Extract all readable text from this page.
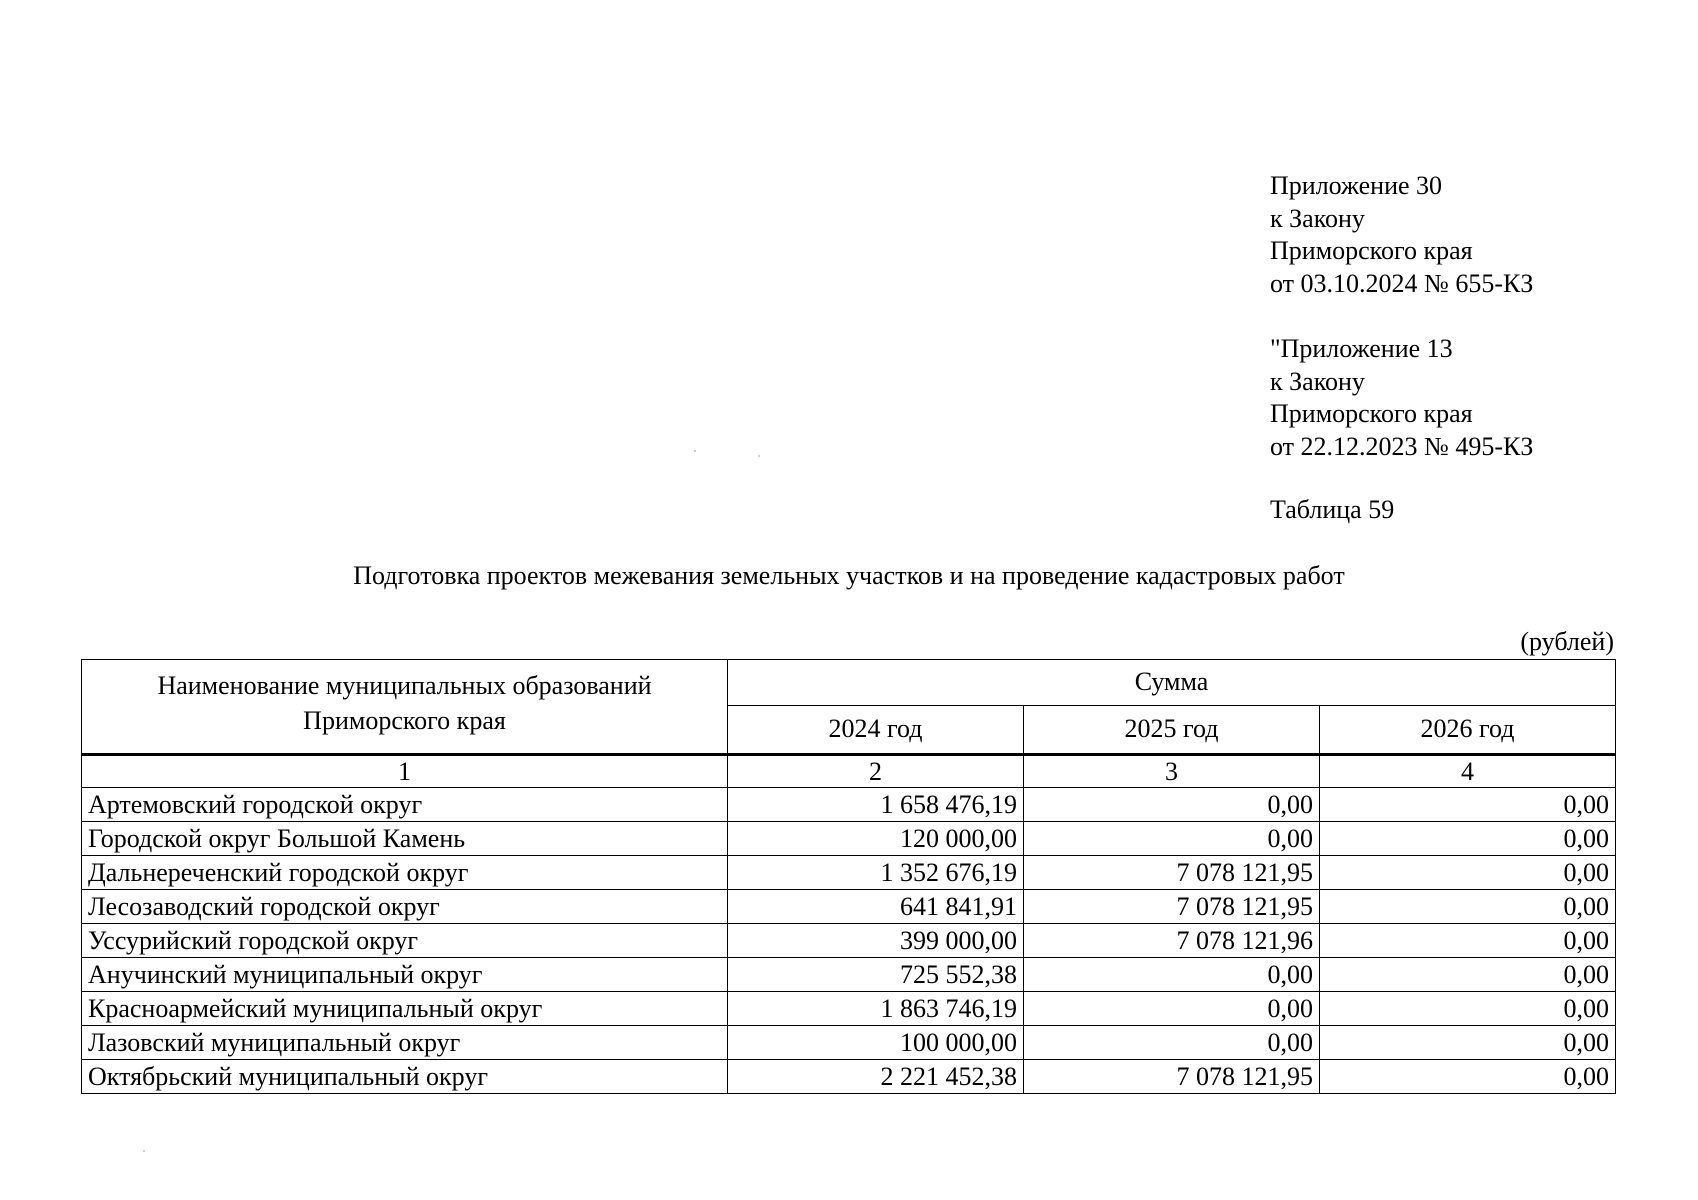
Приложение 30
к Закону
Приморского края
от 03.10.2024 № 655-КЗ
"Приложение 13
к Закону
Приморского края
от 22.12.2023 № 495-КЗ
Таблица 59
Подготовка проектов межевания земельных участков и на проведение кадастровых работ
(рублей)
Наименование муниципальных образований Приморского края	Сумма		
	2024 год	2025 год	2026 год
1	2	3	4
Артемовский городской округ	1 658 476,19	0,00	0,00
Городской округ Большой Камень	120 000,00	0,00	0,00
Дальнереченский городской округ	1 352 676,19	7 078 121,95	0,00
Лесозаводский городской округ	641 841,91	7 078 121,95	0,00
Уссурийский городской округ	399 000,00	7 078 121,96	0,00
Анучинский муниципальный округ	725 552,38	0,00	0,00
Красноармейский муниципальный округ	1 863 746,19	0,00	0,00
Лазовский муниципальный округ	100 000,00	0,00	0,00
Октябрьский муниципальный округ	2 221 452,38	7 078 121,95	0,00
